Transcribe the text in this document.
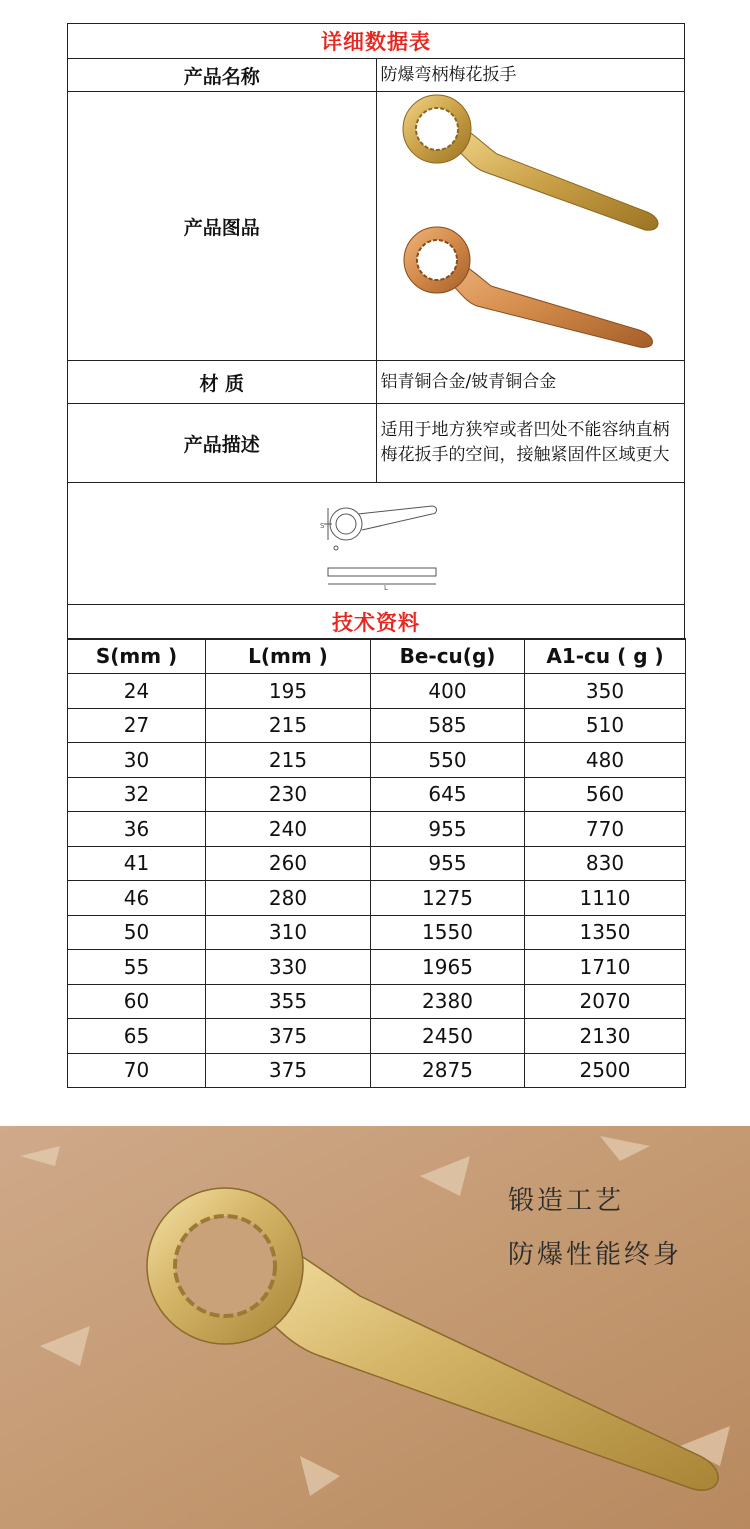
详细数据表	
产品名称	防爆弯柄梅花扳手
产品图品	
材 质	铝青铜合金/铍青铜合金
产品描述	适用于地方狭窄或者凹处不能容纳直柄梅花扳手的空间，接触紧固件区域更大

S
L	

技术资料	
S(mm )	L(mm )	Be-cu(g)	A1-cu ( g )
24	195	400	350
27	215	585	510
30	215	550	480
32	230	645	560
36	240	955	770
41	260	955	830
46	280	1275	1110
50	310	1550	1350
55	330	1965	1710
60	355	2380	2070
65	375	2450	2130
70	375	2875	2500
锻造工艺
防爆性能终身
